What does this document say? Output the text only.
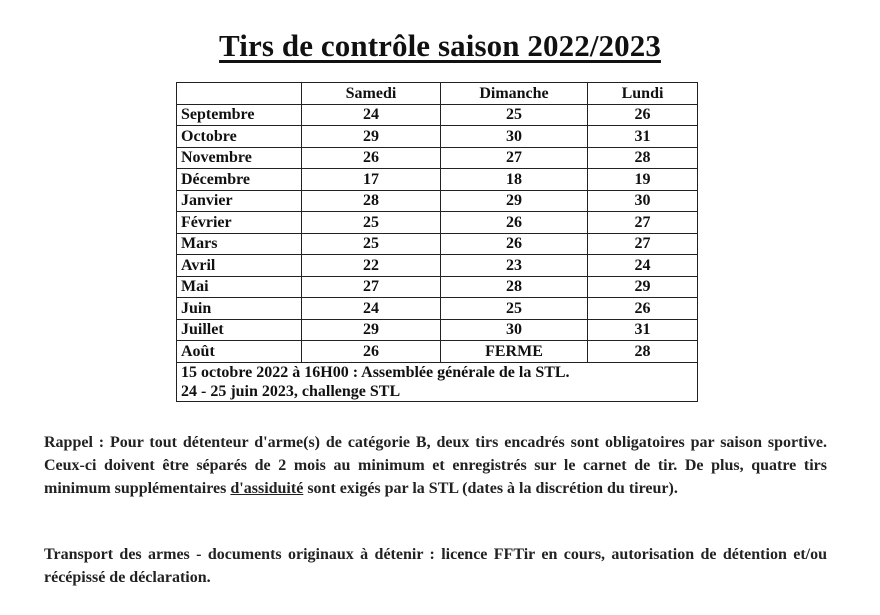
Tirs de contrôle saison 2022/2023
	Samedi	Dimanche	Lundi
Septembre	24	25	26
Octobre	29	30	31
Novembre	26	27	28
Décembre	17	18	19
Janvier	28	29	30
Février	25	26	27
Mars	25	26	27
Avril	22	23	24
Mai	27	28	29
Juin	24	25	26
Juillet	29	30	31
Août	26	FERME	28

15 octobre 2022 à 16H00 : Assemblée générale de la STL.
24 - 25 juin 2023, challenge STL			
Rappel : Pour tout détenteur d'arme(s) de catégorie B, deux tirs encadrés sont obligatoires par saison sportive. Ceux-ci doivent être séparés de 2 mois au minimum et enregistrés sur le carnet de tir. De plus, quatre tirs minimum supplémentaires d'assiduité sont exigés par la STL (dates à la discrétion du tireur).
Transport des armes - documents originaux à détenir : licence FFTir en cours, autorisation de détention et/ou récépissé de déclaration.
